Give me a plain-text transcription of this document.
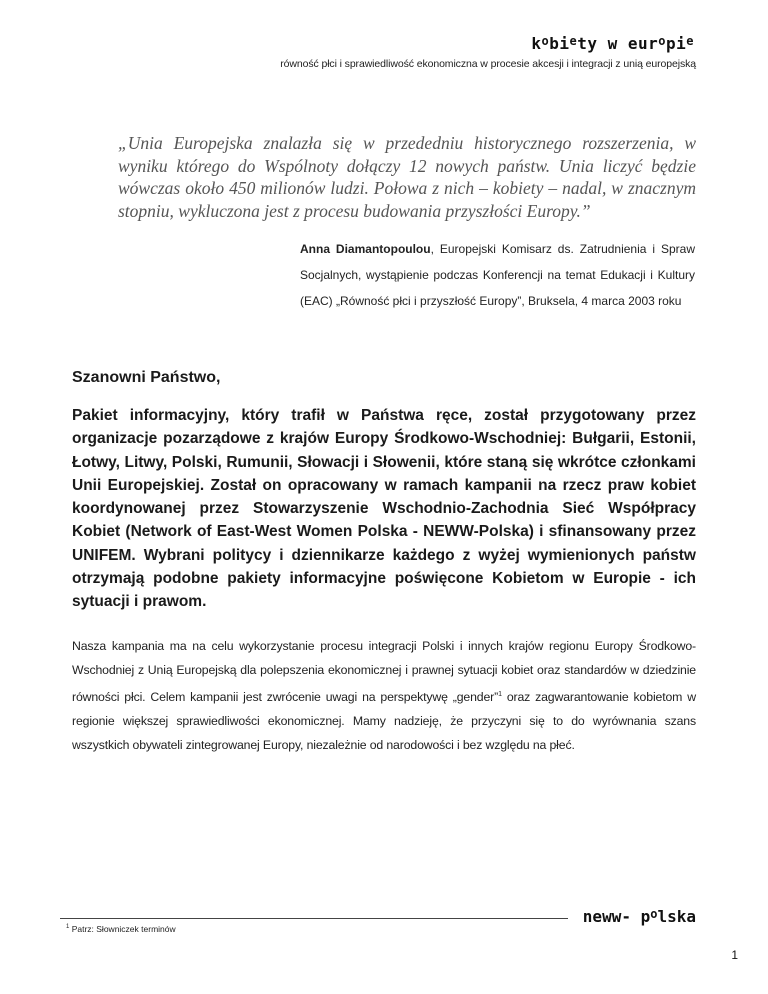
$k^obi^ety$ w $eur^opi^e$
równość płci i sprawiedliwość ekonomiczna w procesie akcesji i integracji z unią europejską
„Unia Europejska znalazła się w przededniu historycznego rozszerzenia, w wyniku którego do Wspólnoty dołączy 12 nowych państw. Unia liczyć będzie wówczas około 450 milionów ludzi. Połowa z nich – kobiety – nadal, w znacznym stopniu, wykluczona jest z procesu budowania przyszłości Europy.”
Anna Diamantopoulou, Europejski Komisarz ds. Zatrudnienia i Spraw Socjalnych, wystąpienie podczas Konferencji na temat Edukacji i Kultury (EAC) „Równość płci i przyszłość Europy”, Bruksela, 4 marca 2003 roku
Szanowni Państwo,
Pakiet informacyjny, który trafił w Państwa ręce, został przygotowany przez organizacje pozarządowe z krajów Europy Środkowo-Wschodniej: Bułgarii, Estonii, Łotwy, Litwy, Polski, Rumunii, Słowacji i Słowenii, które staną się wkrótce członkami Unii Europejskiej. Został on opracowany w ramach kampanii na rzecz praw kobiet koordynowanej przez Stowarzyszenie Wschodnio-Zachodnia Sieć Współpracy Kobiet (Network of East-West Women Polska - NEWW-Polska) i sfinansowany przez UNIFEM. Wybrani politycy i dziennikarze każdego z wyżej wymienionych państw otrzymają podobne pakiety informacyjne poświęcone Kobietom w Europie - ich sytuacji i prawom.
Nasza kampania ma na celu wykorzystanie procesu integracji Polski i innych krajów regionu Europy Środkowo-Wschodniej z Unią Europejską dla polepszenia ekonomicznej i prawnej sytuacji kobiet oraz standardów w dziedzinie równości płci. Celem kampanii jest zwrócenie uwagi na perspektywę „gender”$^1$ oraz zagwarantowanie kobietom w regionie większej sprawiedliwości ekonomicznej. Mamy nadzieję, że przyczyni się to do wyrównania szans wszystkich obywateli zintegrowanej Europy, niezależnie od narodowości i bez względu na płeć.
$^1$ Patrz: Słowniczek terminów
neww- $p^olska$
1
